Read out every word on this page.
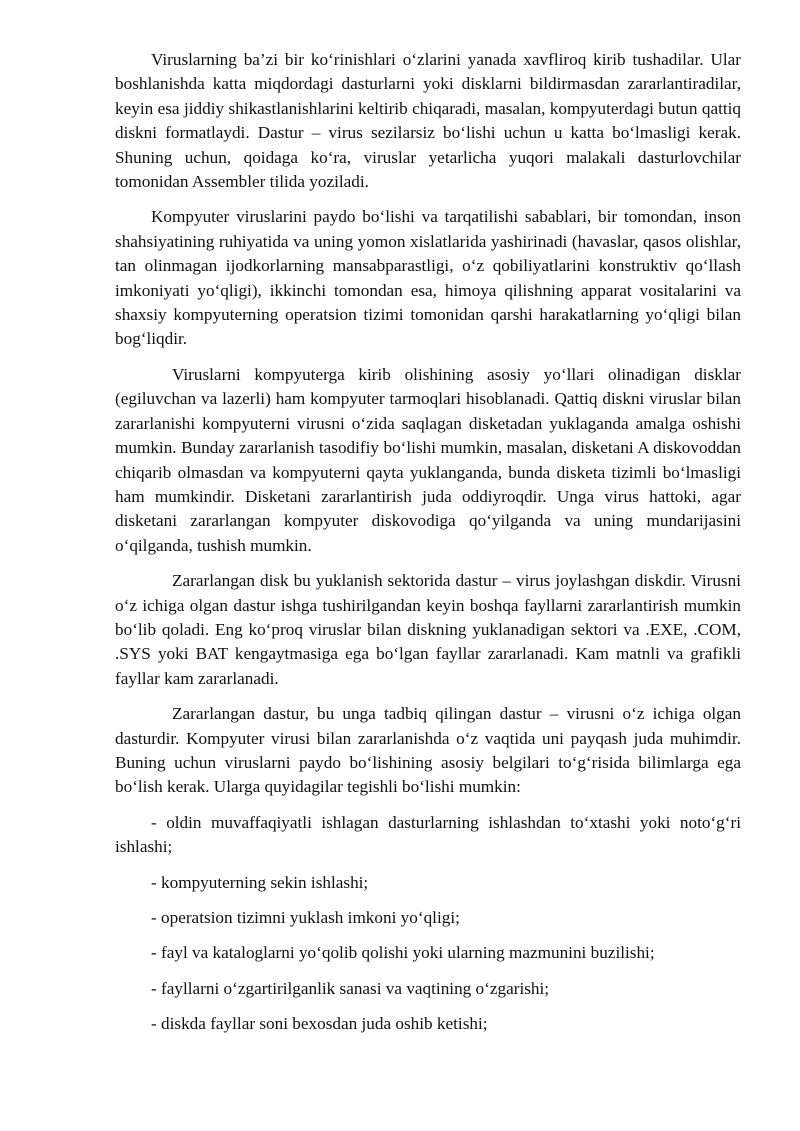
Viruslarning ba’zi bir ko‘rinishlari o‘zlarini yanada xavfliroq kirib tushadilar. Ular boshlanishda katta miqdordagi dasturlarni yoki disklarni bildirmasdan zararlantiradilar, keyin esa jiddiy shikastlanishlarini keltirib chiqaradi, masalan, kompyuterdagi butun qattiq diskni formatlaydi. Dastur – virus sezilarsiz bo‘lishi uchun u katta bo‘lmasligi kerak. Shuning uchun, qoidaga ko‘ra, viruslar yetarlicha yuqori malakali dasturlovchilar tomonidan Assembler tilida yoziladi.

Kompyuter viruslarini paydo bo‘lishi va tarqatilishi sabablari, bir tomondan, inson shahsiyatining ruhiyatida va uning yomon xislatlarida yashirinadi (havaslar, qasos olishlar, tan olinmagan ijodkorlarning mansabparastligi, o‘z qobiliyatlarini konstruktiv qo‘llash imkoniyati yo‘qligi), ikkinchi tomondan esa, himoya qilishning apparat vositalarini va shaxsiy kompyuterning operatsion tizimi tomonidan qarshi harakatlarning yo‘qligi bilan bog‘liqdir.

Viruslarni kompyuterga kirib olishining asosiy yo‘llari olinadigan disklar (egiluvchan va lazerli) ham kompyuter tarmoqlari hisoblanadi. Qattiq diskni viruslar bilan zararlanishi kompyuterni virusni o‘zida saqlagan disketadan yuklaganda amalga oshishi mumkin. Bunday zararlanish tasodifiy bo‘lishi mumkin, masalan, disketani A diskovoddan chiqarib olmasdan va kompyuterni qayta yuklanganda, bunda disketa tizimli bo‘lmasligi ham mumkindir. Disketani zararlantirish juda oddiyroqdir. Unga virus hattoki, agar disketani zararlangan kompyuter diskovodiga qo‘yilganda va uning mundarijasini o‘qilganda, tushish mumkin.

Zararlangan disk bu yuklanish sektorida dastur – virus joylashgan diskdir. Virusni o‘z ichiga olgan dastur ishga tushirilgandan keyin boshqa fayllarni zararlantirish mumkin bo‘lib qoladi. Eng ko‘proq viruslar bilan diskning yuklanadigan sektori va .EXE, .COM, .SYS yoki BAT kengaytmasiga ega bo‘lgan fayllar zararlanadi. Kam matnli va grafikli fayllar kam zararlanadi.

Zararlangan dastur, bu unga tadbiq qilingan dastur – virusni o‘z ichiga olgan dasturdir. Kompyuter virusi bilan zararlanishda o‘z vaqtida uni payqash juda muhimdir. Buning uchun viruslarni paydo bo‘lishining asosiy belgilari to‘g‘risida bilimlarga ega bo‘lish kerak. Ularga quyidagilar tegishli bo‘lishi mumkin:

- oldin muvaffaqiyatli ishlagan dasturlarning ishlashdan to‘xtashi yoki noto‘g‘ri ishlashi;

- kompyuterning sekin ishlashi;

- operatsion tizimni yuklash imkoni yo‘qligi;

- fayl va kataloglarni yo‘qolib qolishi yoki ularning mazmunini buzilishi;

- fayllarni o‘zgartirilganlik sanasi va vaqtining o‘zgarishi;

- diskda fayllar soni bexosdan juda oshib ketishi;
